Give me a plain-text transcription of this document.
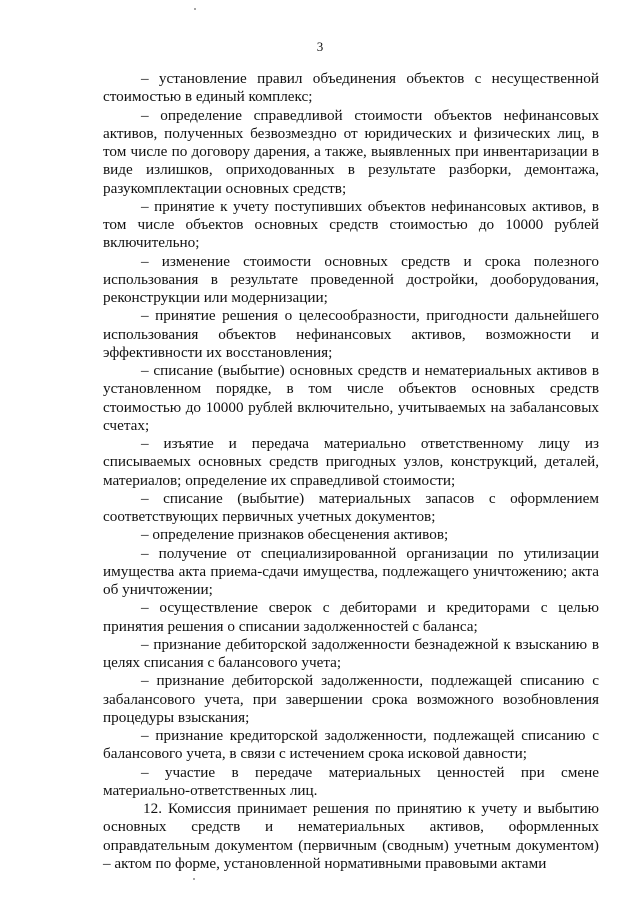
3

– установление правил объединения объектов с несущественной стоимостью в единый комплекс;

– определение справедливой стоимости объектов нефинансовых активов, полученных безвозмездно от юридических и физических лиц, в том числе по договору дарения, а также, выявленных при инвентаризации в виде излишков, оприходованных в результате разборки, демонтажа, разукомплектации основных средств;

– принятие к учету поступивших объектов нефинансовых активов, в том числе объектов основных средств стоимостью до 10000 рублей включительно;

– изменение стоимости основных средств и срока полезного использования в результате проведенной достройки, дооборудования, реконструкции или модернизации;

– принятие решения о целесообразности, пригодности дальнейшего использования объектов нефинансовых активов, возможности и эффективности их восстановления;

– списание (выбытие) основных средств и нематериальных активов в установленном порядке, в том числе объектов основных средств стоимостью до 10000 рублей включительно, учитываемых на забалансовых счетах;

– изъятие и передача материально ответственному лицу из списываемых основных средств пригодных узлов, конструкций, деталей, материалов; определение их справедливой стоимости;

– списание (выбытие) материальных запасов с оформлением соответствующих первичных учетных документов;

– определение признаков обесценения активов;

– получение от специализированной организации по утилизации имущества акта приема-сдачи имущества, подлежащего уничтожению; акта об уничтожении;

– осуществление сверок с дебиторами и кредиторами с целью принятия решения о списании задолженностей с баланса;

– признание дебиторской задолженности безнадежной к взысканию в целях списания с балансового учета;

– признание дебиторской задолженности, подлежащей списанию с забалансового учета, при завершении срока возможного возобновления процедуры взыскания;

– признание кредиторской задолженности, подлежащей списанию с балансового учета, в связи с истечением срока исковой давности;

– участие в передаче материальных ценностей при смене материально-ответственных лиц.

12. Комиссия принимает решения по принятию к учету и выбытию основных средств и нематериальных активов, оформленных оправдательным документом (первичным (сводным) учетным документом) – актом по форме, установленной нормативными правовыми актами
